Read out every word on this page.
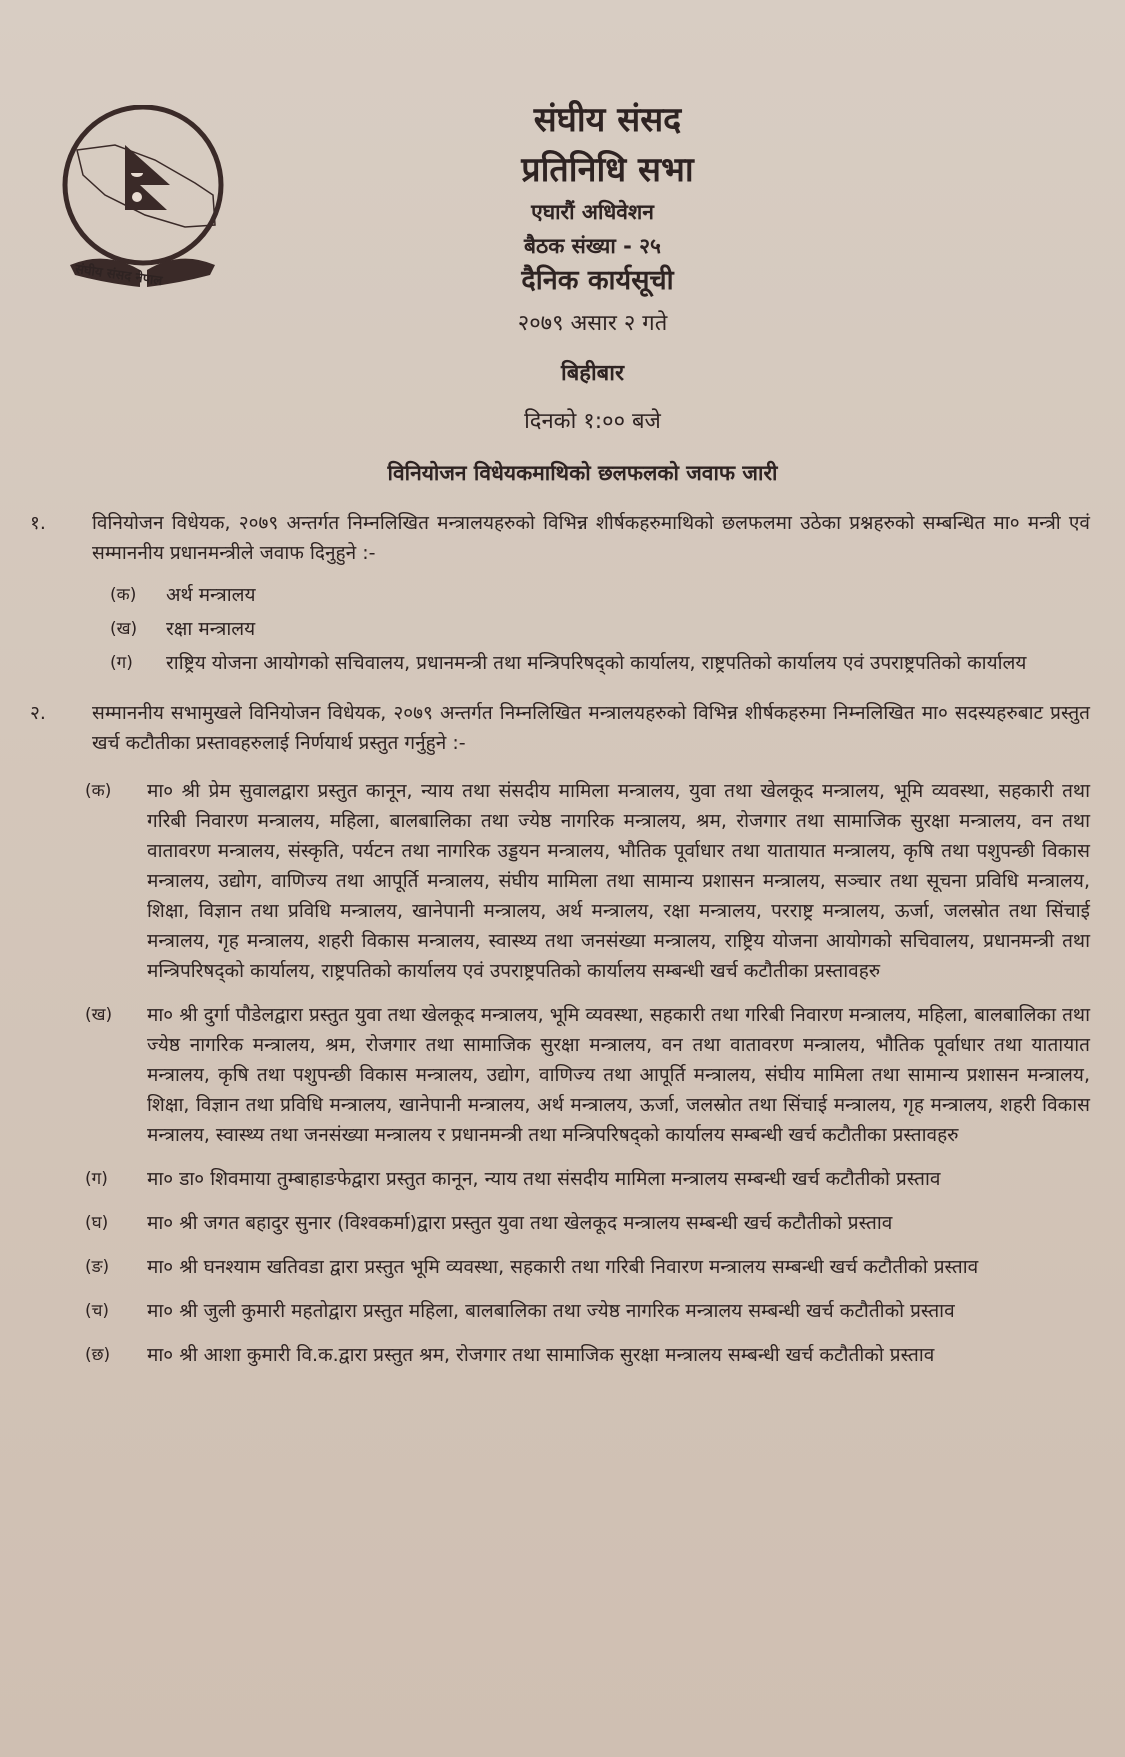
संघीय संसद नेपाल
संघीय संसद
प्रतिनिधि सभा
एघारौं अधिवेशन
बैठक संख्या - २५
दैनिक कार्यसूची
२०७९ असार २ गते
बिहीबार
दिनको १:०० बजे
विनियोजन विधेयकमाथिको छलफलको जवाफ जारी
१.	विनियोजन विधेयक, २०७९ अन्तर्गत निम्नलिखित मन्त्रालयहरुको विभिन्न शीर्षकहरुमाथिको छलफलमा उठेका प्रश्नहरुको सम्बन्धित मा० मन्त्री एवं सम्माननीय प्रधानमन्त्रीले जवाफ दिनुहुने :-
(क)	अर्थ मन्त्रालय
(ख)	रक्षा मन्त्रालय
(ग)	राष्ट्रिय योजना आयोगको सचिवालय, प्रधानमन्त्री तथा मन्त्रिपरिषद्को कार्यालय, राष्ट्रपतिको कार्यालय एवं उपराष्ट्रपतिको कार्यालय
२.	सम्माननीय सभामुखले विनियोजन विधेयक, २०७९ अन्तर्गत निम्नलिखित मन्त्रालयहरुको विभिन्न शीर्षकहरुमा निम्नलिखित मा० सदस्यहरुबाट प्रस्तुत खर्च कटौतीका प्रस्तावहरुलाई निर्णयार्थ प्रस्तुत गर्नुहुने :-
(क)	मा० श्री प्रेम सुवालद्वारा प्रस्तुत कानून, न्याय तथा संसदीय मामिला मन्त्रालय, युवा तथा खेलकूद मन्त्रालय, भूमि व्यवस्था, सहकारी तथा गरिबी निवारण मन्त्रालय, महिला, बालबालिका तथा ज्येष्ठ नागरिक मन्त्रालय, श्रम, रोजगार तथा सामाजिक सुरक्षा मन्त्रालय, वन तथा वातावरण मन्त्रालय, संस्कृति, पर्यटन तथा नागरिक उड्डयन मन्त्रालय, भौतिक पूर्वाधार तथा यातायात मन्त्रालय, कृषि तथा पशुपन्छी विकास मन्त्रालय, उद्योग, वाणिज्य तथा आपूर्ति मन्त्रालय, संघीय मामिला तथा सामान्य प्रशासन मन्त्रालय, सञ्चार तथा सूचना प्रविधि मन्त्रालय, शिक्षा, विज्ञान तथा प्रविधि मन्त्रालय, खानेपानी मन्त्रालय, अर्थ मन्त्रालय, रक्षा मन्त्रालय, परराष्ट्र मन्त्रालय, ऊर्जा, जलस्रोत तथा सिंचाई मन्त्रालय, गृह मन्त्रालय, शहरी विकास मन्त्रालय, स्वास्थ्य तथा जनसंख्या मन्त्रालय, राष्ट्रिय योजना आयोगको सचिवालय, प्रधानमन्त्री तथा मन्त्रिपरिषद्को कार्यालय, राष्ट्रपतिको कार्यालय एवं उपराष्ट्रपतिको कार्यालय सम्बन्धी खर्च कटौतीका प्रस्तावहरु
(ख)	मा० श्री दुर्गा पौडेलद्वारा प्रस्तुत युवा तथा खेलकूद मन्त्रालय, भूमि व्यवस्था, सहकारी तथा गरिबी निवारण मन्त्रालय, महिला, बालबालिका तथा ज्येष्ठ नागरिक मन्त्रालय, श्रम, रोजगार तथा सामाजिक सुरक्षा मन्त्रालय, वन तथा वातावरण मन्त्रालय, भौतिक पूर्वाधार तथा यातायात मन्त्रालय, कृषि तथा पशुपन्छी विकास मन्त्रालय, उद्योग, वाणिज्य तथा आपूर्ति मन्त्रालय, संघीय मामिला तथा सामान्य प्रशासन मन्त्रालय, शिक्षा, विज्ञान तथा प्रविधि मन्त्रालय, खानेपानी मन्त्रालय, अर्थ मन्त्रालय, ऊर्जा, जलस्रोत तथा सिंचाई मन्त्रालय, गृह मन्त्रालय, शहरी विकास मन्त्रालय, स्वास्थ्य तथा जनसंख्या मन्त्रालय र प्रधानमन्त्री तथा मन्त्रिपरिषद्को कार्यालय सम्बन्धी खर्च कटौतीका प्रस्तावहरु
(ग)	मा० डा० शिवमाया तुम्बाहाङफेद्वारा प्रस्तुत कानून, न्याय तथा संसदीय मामिला मन्त्रालय सम्बन्धी खर्च कटौतीको प्रस्ताव
(घ)	मा० श्री जगत बहादुर सुनार (विश्वकर्मा)द्वारा प्रस्तुत युवा तथा खेलकूद मन्त्रालय सम्बन्धी खर्च कटौतीको प्रस्ताव
(ङ)	मा० श्री घनश्याम खतिवडा द्वारा प्रस्तुत भूमि व्यवस्था, सहकारी तथा गरिबी निवारण मन्त्रालय सम्बन्धी खर्च कटौतीको प्रस्ताव
(च)	मा० श्री जुली कुमारी महतोद्वारा प्रस्तुत महिला, बालबालिका तथा ज्येष्ठ नागरिक मन्त्रालय सम्बन्धी खर्च कटौतीको प्रस्ताव
(छ)	मा० श्री आशा कुमारी वि.क.द्वारा प्रस्तुत श्रम, रोजगार तथा सामाजिक सुरक्षा मन्त्रालय सम्बन्धी खर्च कटौतीको प्रस्ताव
